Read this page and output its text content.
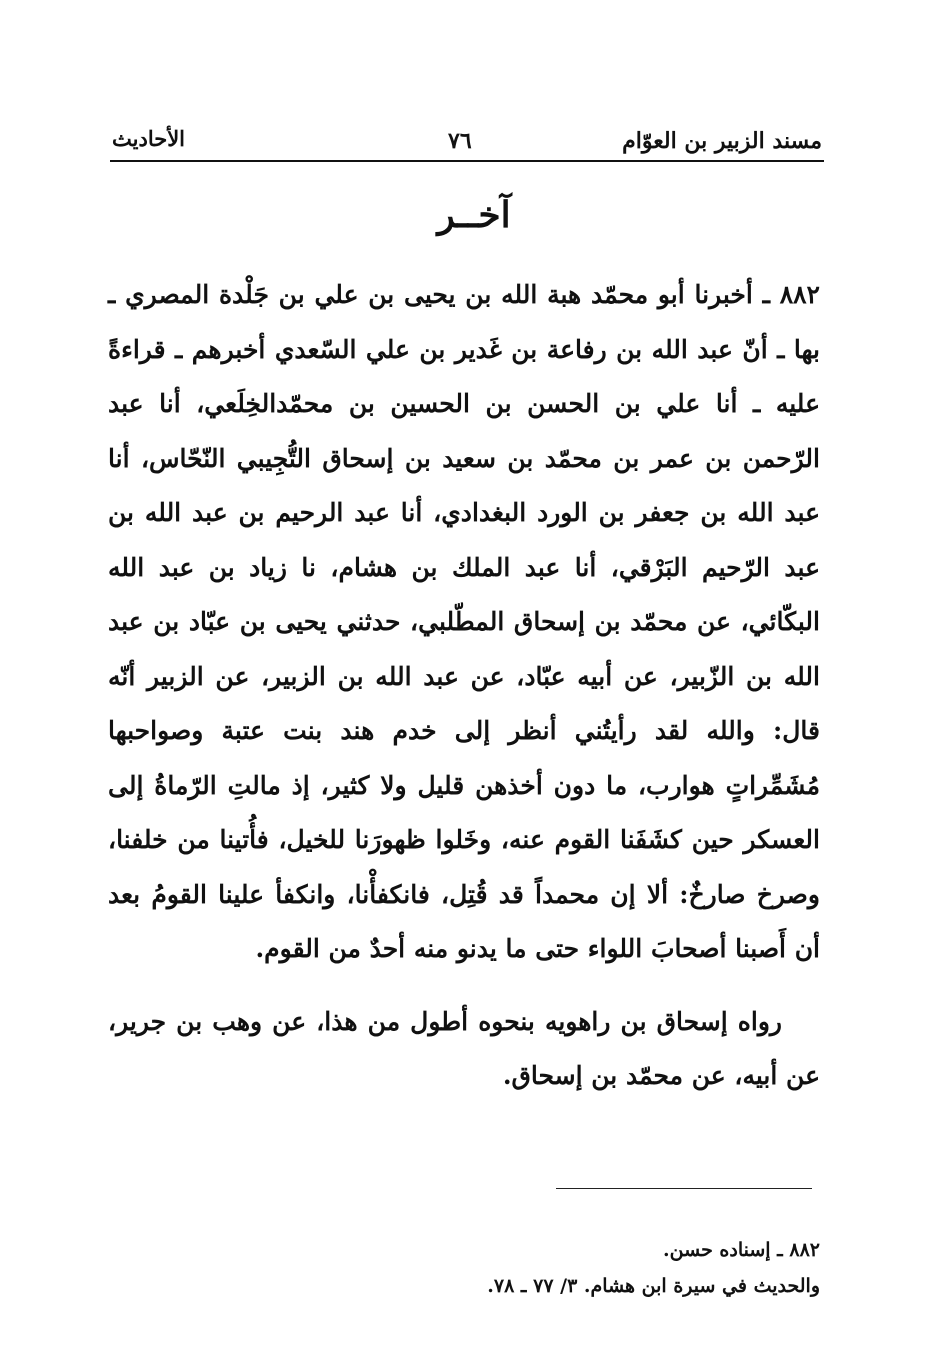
مسند الزبير بن العوّام
٧٦
الأحاديث
آخــر

٨٨٢ ـ أخبرنا أبو محمّد هبة الله بن يحيى بن علي بن جَلْدة المصري ـ بها ـ أنّ عبد الله بن رفاعة بن غَدير بن علي السّعدي أخبرهم ـ قراءةً عليه ـ أنا علي بن الحسن بن الحسين بن محمّدالخِلَعي، أنا عبد الرّحمن بن عمر بن محمّد بن سعيد بن إسحاق التُّجِيبي النّحّاس، أنا عبد الله بن جعفر بن الورد البغدادي، أنا عبد الرحيم بن عبد الله بن عبد الرّحيم البَرْقي، أنا عبد الملك بن هشام، نا زياد بن عبد الله البكّائي، عن محمّد بن إسحاق المطّلبي، حدثني يحيى بن عبّاد بن عبد الله بن الزّبير، عن أبيه عبّاد، عن عبد الله بن الزبير، عن الزبير أنّه قال: والله لقد رأيتُني أنظر إلى خدم هند بنت عتبة وصواحبها مُشَمِّراتٍ هوارب، ما دون أخذهن قليل ولا كثير، إذ مالتِ الرّماةُ إلى العسكر حين كشَفَنا القوم عنه، وخَلوا ظهورَنا للخيل، فأُتينا من خلفنا، وصرخ صارخٌ: ألا إن محمداً قد قُتِل، فانكفأْنا، وانكفأ علينا القومُ بعد أن أَصبنا أصحابَ اللواء حتى ما يدنو منه أحدٌ من القوم.

رواه إسحاق بن راهويه بنحوه أطول من هذا، عن وهب بن جرير، عن أبيه، عن محمّد بن إسحاق.

٨٨٢ ـ إسناده حسن.
والحديث في سيرة ابن هشام. ٣/ ٧٧ ـ ٧٨.
